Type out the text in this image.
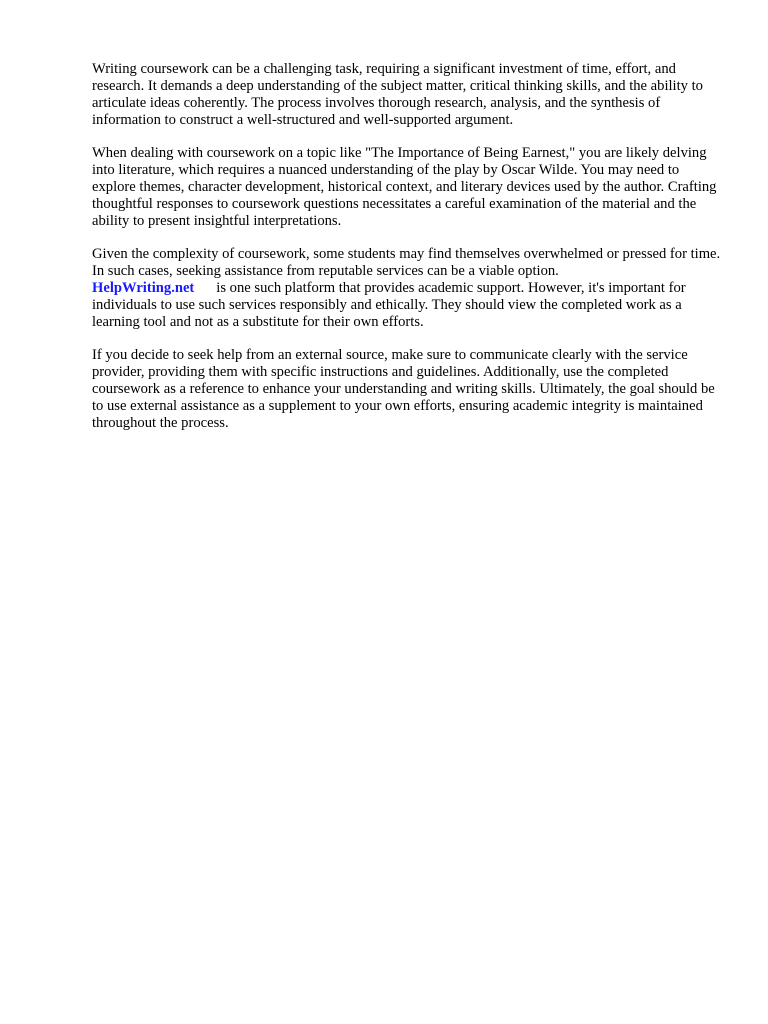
Writing coursework can be a challenging task, requiring a significant investment of time, effort, and research. It demands a deep understanding of the subject matter, critical thinking skills, and the ability to articulate ideas coherently. The process involves thorough research, analysis, and the synthesis of information to construct a well-structured and well-supported argument.

When dealing with coursework on a topic like "The Importance of Being Earnest," you are likely delving into literature, which requires a nuanced understanding of the play by Oscar Wilde. You may need to explore themes, character development, historical context, and literary devices used by the author. Crafting thoughtful responses to coursework questions necessitates a careful examination of the material and the ability to present insightful interpretations.

Given the complexity of coursework, some students may find themselves overwhelmed or pressed for time. In such cases, seeking assistance from reputable services can be a viable option.
HelpWriting.net is one such platform that provides academic support. However, it's important for individuals to use such services responsibly and ethically. They should view the completed work as a learning tool and not as a substitute for their own efforts.

If you decide to seek help from an external source, make sure to communicate clearly with the service provider, providing them with specific instructions and guidelines. Additionally, use the completed coursework as a reference to enhance your understanding and writing skills. Ultimately, the goal should be to use external assistance as a supplement to your own efforts, ensuring academic integrity is maintained throughout the process.
